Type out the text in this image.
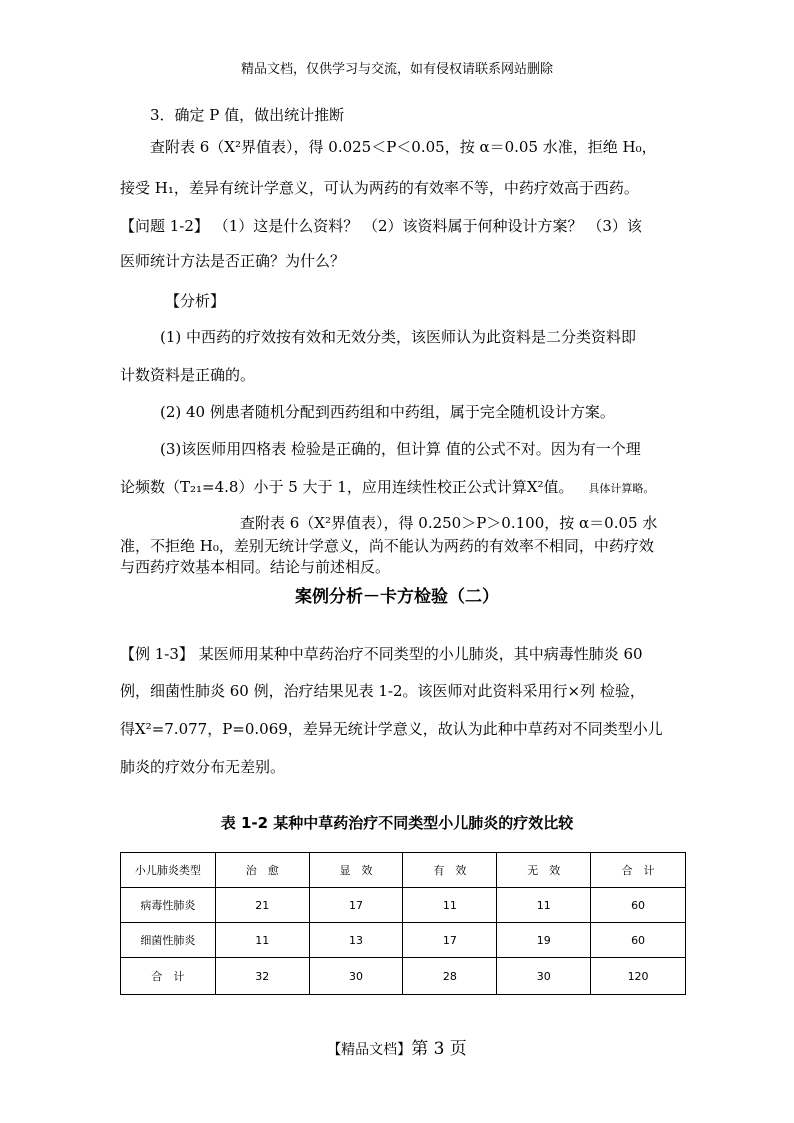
精品文档，仅供学习与交流，如有侵权请联系网站删除
3．确定 P 值，做出统计推断
查附表 6（Χ²界值表），得 0.025＜P＜0.05，按 α＝0.05 水准，拒绝 H₀，
接受 H₁，差异有统计学意义，可认为两药的有效率不等，中药疗效高于西药。
【问题 1-2】 （1）这是什么资料？ （2）该资料属于何种设计方案？ （3）该
医师统计方法是否正确？为什么？
【分析】
(1) 中西药的疗效按有效和无效分类，该医师认为此资料是二分类资料即
计数资料是正确的。
(2) 40 例患者随机分配到西药组和中药组，属于完全随机设计方案。
(3)该医师用四格表 检验是正确的，但计算 值的公式不对。因为有一个理
论频数（T₂₁=4.8）小于 5 大于 1，应用连续性校正公式计算Χ²值。 具体计算略。
查附表 6（Χ²界值表），得 0.250＞P＞0.100，按 α＝0.05 水
准，不拒绝 H₀，差别无统计学意义，尚不能认为两药的有效率不相同，中药疗效
与西药疗效基本相同。结论与前述相反。
案例分析－卡方检验（二）
【例 1-3】 某医师用某种中草药治疗不同类型的小儿肺炎，其中病毒性肺炎 60
例，细菌性肺炎 60 例，治疗结果见表 1-2。该医师对此资料采用行×列 检验，
得Χ²=7.077，P=0.069，差异无统计学意义，故认为此种中草药对不同类型小儿
肺炎的疗效分布无差别。
表 1-2 某种中草药治疗不同类型小儿肺炎的疗效比较
小儿肺炎类型	治　愈	显　效	有　效	无　效	合　计
病毒性肺炎	21	17	11	11	60
细菌性肺炎	11	13	17	19	60
合　计	32	30	28	30	120
【精品文档】第 3 页
